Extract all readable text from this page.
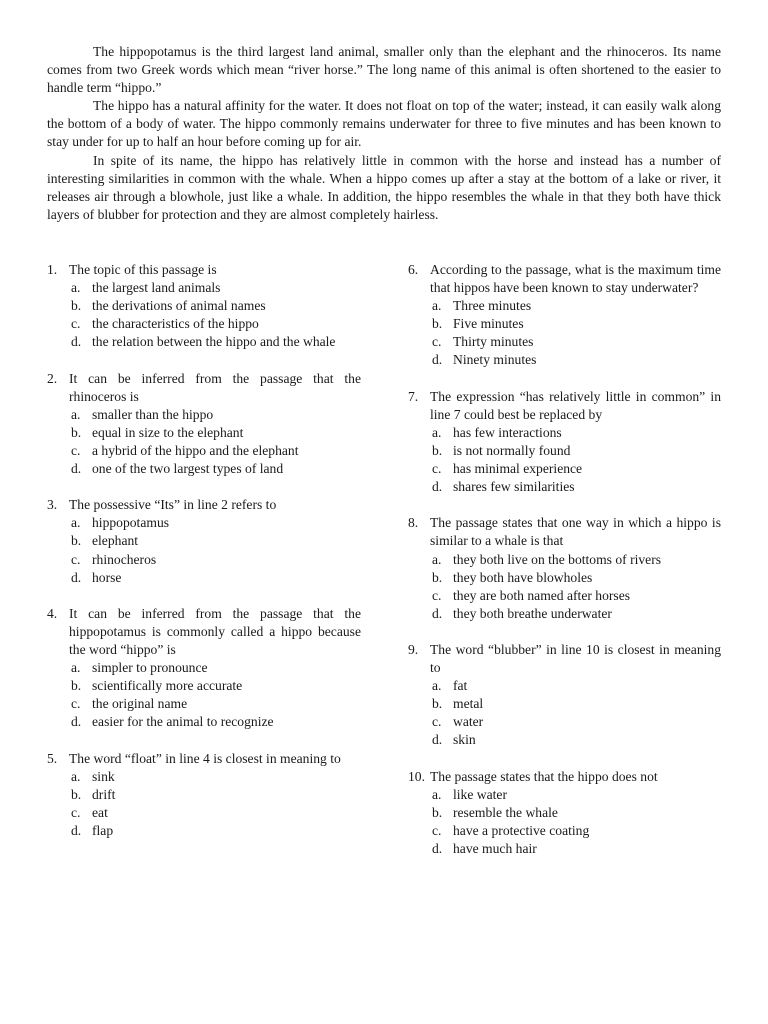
The hippopotamus is the third largest land animal, smaller only than the elephant and the rhinoceros. Its name comes from two Greek words which mean “river horse.” The long name of this animal is often shortened to the easier to handle term “hippo.”

The hippo has a natural affinity for the water. It does not float on top of the water; instead, it can easily walk along the bottom of a body of water. The hippo commonly remains underwater for three to five minutes and has been known to stay under for up to half an hour before coming up for air.

In spite of its name, the hippo has relatively little in common with the horse and instead has a number of interesting similarities in common with the whale. When a hippo comes up after a stay at the bottom of a lake or river, it releases air through a blowhole, just like a whale. In addition, the hippo resembles the whale in that they both have thick layers of blubber for protection and they are almost completely hairless.

1. The topic of this passage is
a. the largest land animals
b. the derivations of animal names
c. the characteristics of the hippo
d. the relation between the hippo and the whale
2. It can be inferred from the passage that the rhinoceros is
a. smaller than the hippo
b. equal in size to the elephant
c. a hybrid of the hippo and the elephant
d. one of the two largest types of land
3. The possessive “Its” in line 2 refers to
a. hippopotamus
b. elephant
c. rhinocheros
d. horse
4. It can be inferred from the passage that the hippopotamus is commonly called a hippo because the word “hippo” is
a. simpler to pronounce
b. scientifically more accurate
c. the original name
d. easier for the animal to recognize
5. The word “float” in line 4 is closest in meaning to
a. sink
b. drift
c. eat
d. flap
6. According to the passage, what is the maximum time that hippos have been known to stay underwater?
a. Three minutes
b. Five minutes
c. Thirty minutes
d. Ninety minutes
7. The expression “has relatively little in common” in line 7 could best be replaced by
a. has few interactions
b. is not normally found
c. has minimal experience
d. shares few similarities
8. The passage states that one way in which a hippo is similar to a whale is that
a. they both live on the bottoms of rivers
b. they both have blowholes
c. they are both named after horses
d. they both breathe underwater
9. The word “blubber” in line 10 is closest in meaning to
a. fat
b. metal
c. water
d. skin
10. The passage states that the hippo does not
a. like water
b. resemble the whale
c. have a protective coating
d. have much hair
